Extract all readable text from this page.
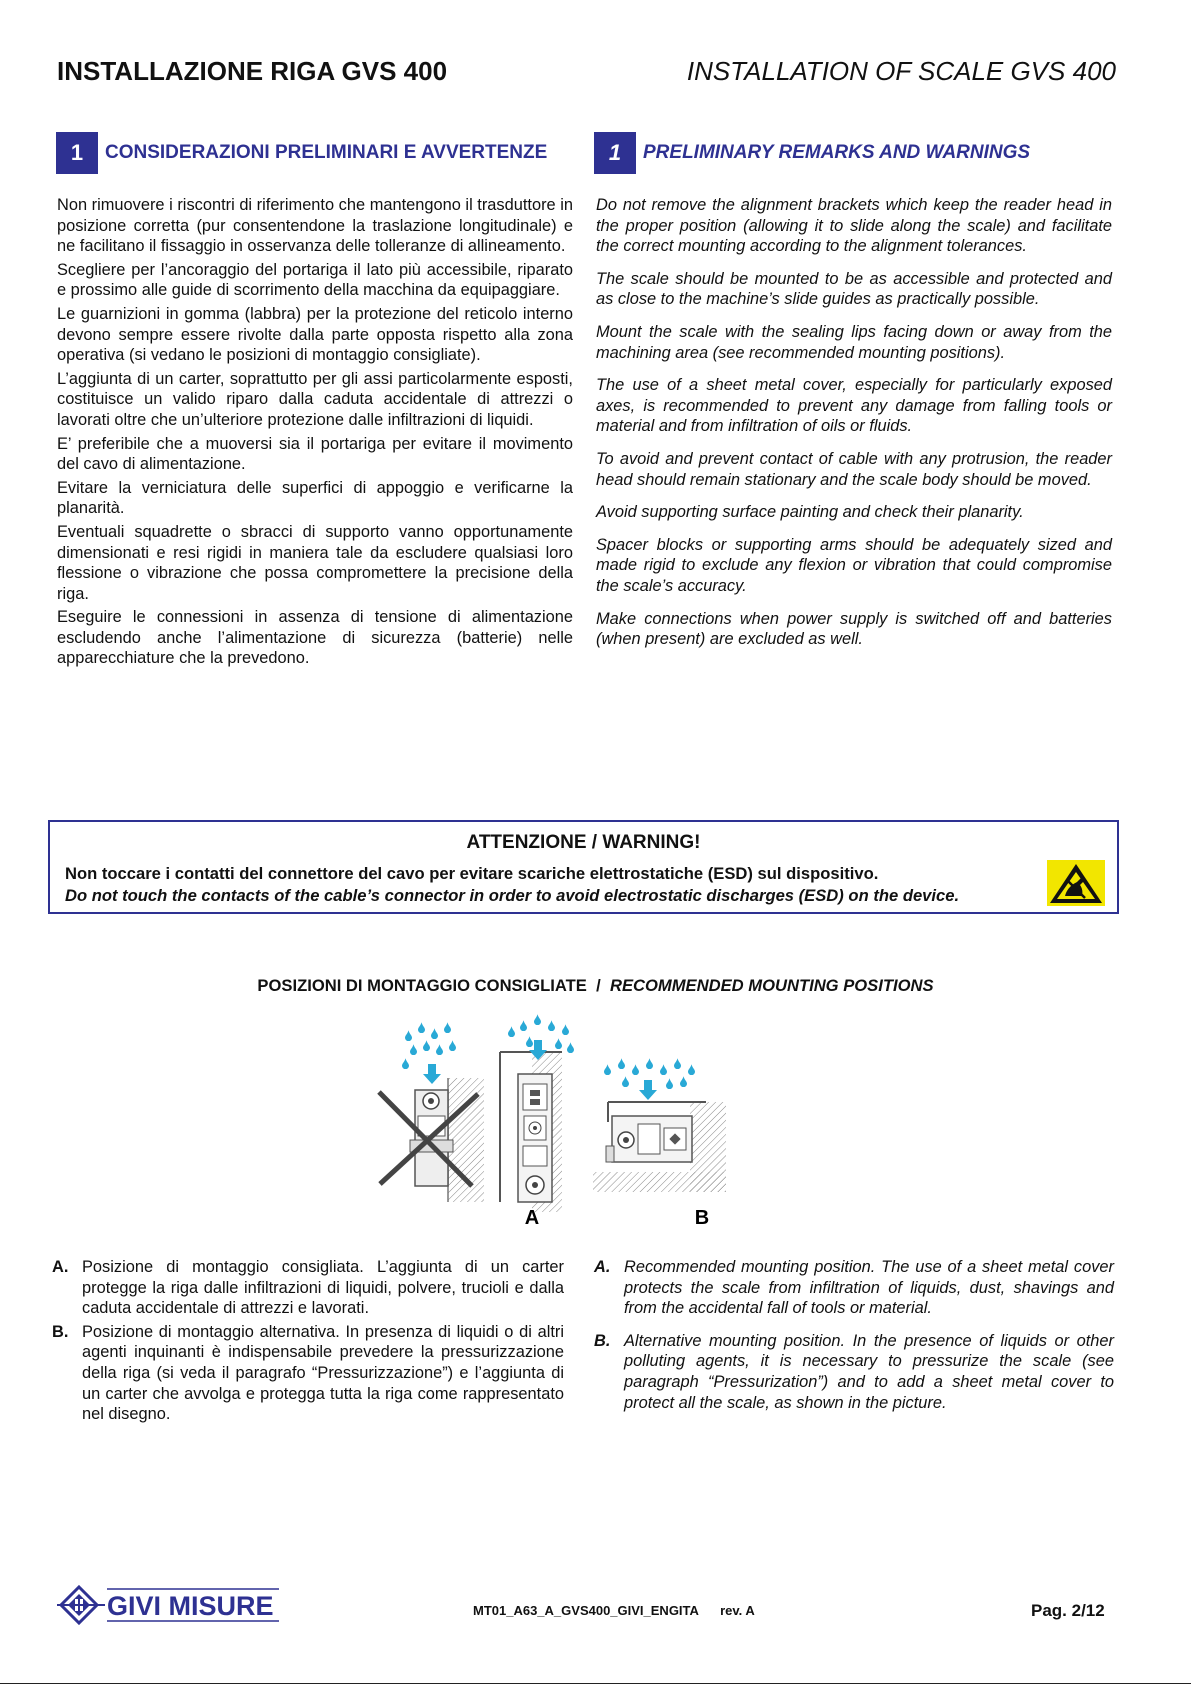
INSTALLAZIONE RIGA GVS 400	INSTALLATION OF SCALE GVS 400
1	CONSIDERAZIONI PRELIMINARI E AVVERTENZE	1	PRELIMINARY REMARKS AND WARNINGS

Non rimuovere i riscontri di riferimento che mantengono il trasduttore in posizione corretta (pur consentendone la traslazione longitudinale) e ne facilitano il fissaggio in osservanza delle tolleranze di allineamento.

Scegliere per l’ancoraggio del portariga il lato più accessibile, riparato e prossimo alle guide di scorrimento della macchina da equipaggiare.

Le guarnizioni in gomma (labbra) per la protezione del reticolo interno devono sempre essere rivolte dalla parte opposta rispetto alla zona operativa (si vedano le posizioni di montaggio consigliate).

L’aggiunta di un carter, soprattutto per gli assi particolarmente esposti, costituisce un valido riparo dalla caduta accidentale di attrezzi o lavorati oltre che un’ulteriore protezione dalle infiltrazioni di liquidi.

E’ preferibile che a muoversi sia il portariga per evitare il movimento del cavo di alimentazione.

Evitare la verniciatura delle superfici di appoggio e verificarne la planarità.

Eventuali squadrette o sbracci di supporto vanno opportunamente dimensionati e resi rigidi in maniera tale da escludere qualsiasi loro flessione o vibrazione che possa compromettere la precisione della riga.

Eseguire le connessioni in assenza di tensione di alimentazione escludendo anche l’alimentazione di sicurezza (batterie) nelle apparecchiature che la prevedono.

Do not remove the alignment brackets which keep the reader head in the proper position (allowing it to slide along the scale) and facilitate the correct mounting according to the alignment tolerances.

The scale should be mounted to be as accessible and protected and as close to the machine’s slide guides as practically possible.

Mount the scale with the sealing lips facing down or away from the machining area (see recommended mounting positions).

The use of a sheet metal cover, especially for particularly exposed axes, is recommended to prevent any damage from falling tools or material and from infiltration of oils or fluids.

To avoid and prevent contact of cable with any protrusion, the reader head should remain stationary and the scale body should be moved.

Avoid supporting surface painting and check their planarity.

Spacer blocks or supporting arms should be adequately sized and made rigid to exclude any flexion or vibration that could compromise the scale’s accuracy.

Make connections when power supply is switched off and batteries (when present) are excluded as well.

ATTENZIONE / WARNING!
Non toccare i contatti del connettore del cavo per evitare scariche elettrostatiche (ESD) sul dispositivo.
Do not touch the contacts of the cable’s connector in order to avoid electrostatic discharges (ESD) on the device.
POSIZIONI DI MONTAGGIO CONSIGLIATE / RECOMMENDED MOUNTING POSITIONS
A	B
A. Posizione di montaggio consigliata. L’aggiunta di un carter protegge la riga dalle infiltrazioni di liquidi, polvere, trucioli e dalla caduta accidentale di attrezzi e lavorati.
B. Posizione di montaggio alternativa. In presenza di liquidi o di altri agenti inquinanti è indispensabile prevedere la pressurizzazione della riga (si veda il paragrafo “Pressurizzazione”) e l’aggiunta di un carter che avvolga e protegga tutta la riga come rappresentato nel disegno.
A. Recommended mounting position. The use of a sheet metal cover protects the scale from infiltration of liquids, dust, shavings and from the accidental fall of tools or material.
B. Alternative mounting position. In the presence of liquids or other polluting agents, it is necessary to pressurize the scale (see paragraph “Pressurization”) and to add a sheet metal cover to protect all the scale, as shown in the picture.
GIVI MISURE	MT01_A63_A_GVS400_GIVI_ENGITA rev. A	Pag. 2/12
